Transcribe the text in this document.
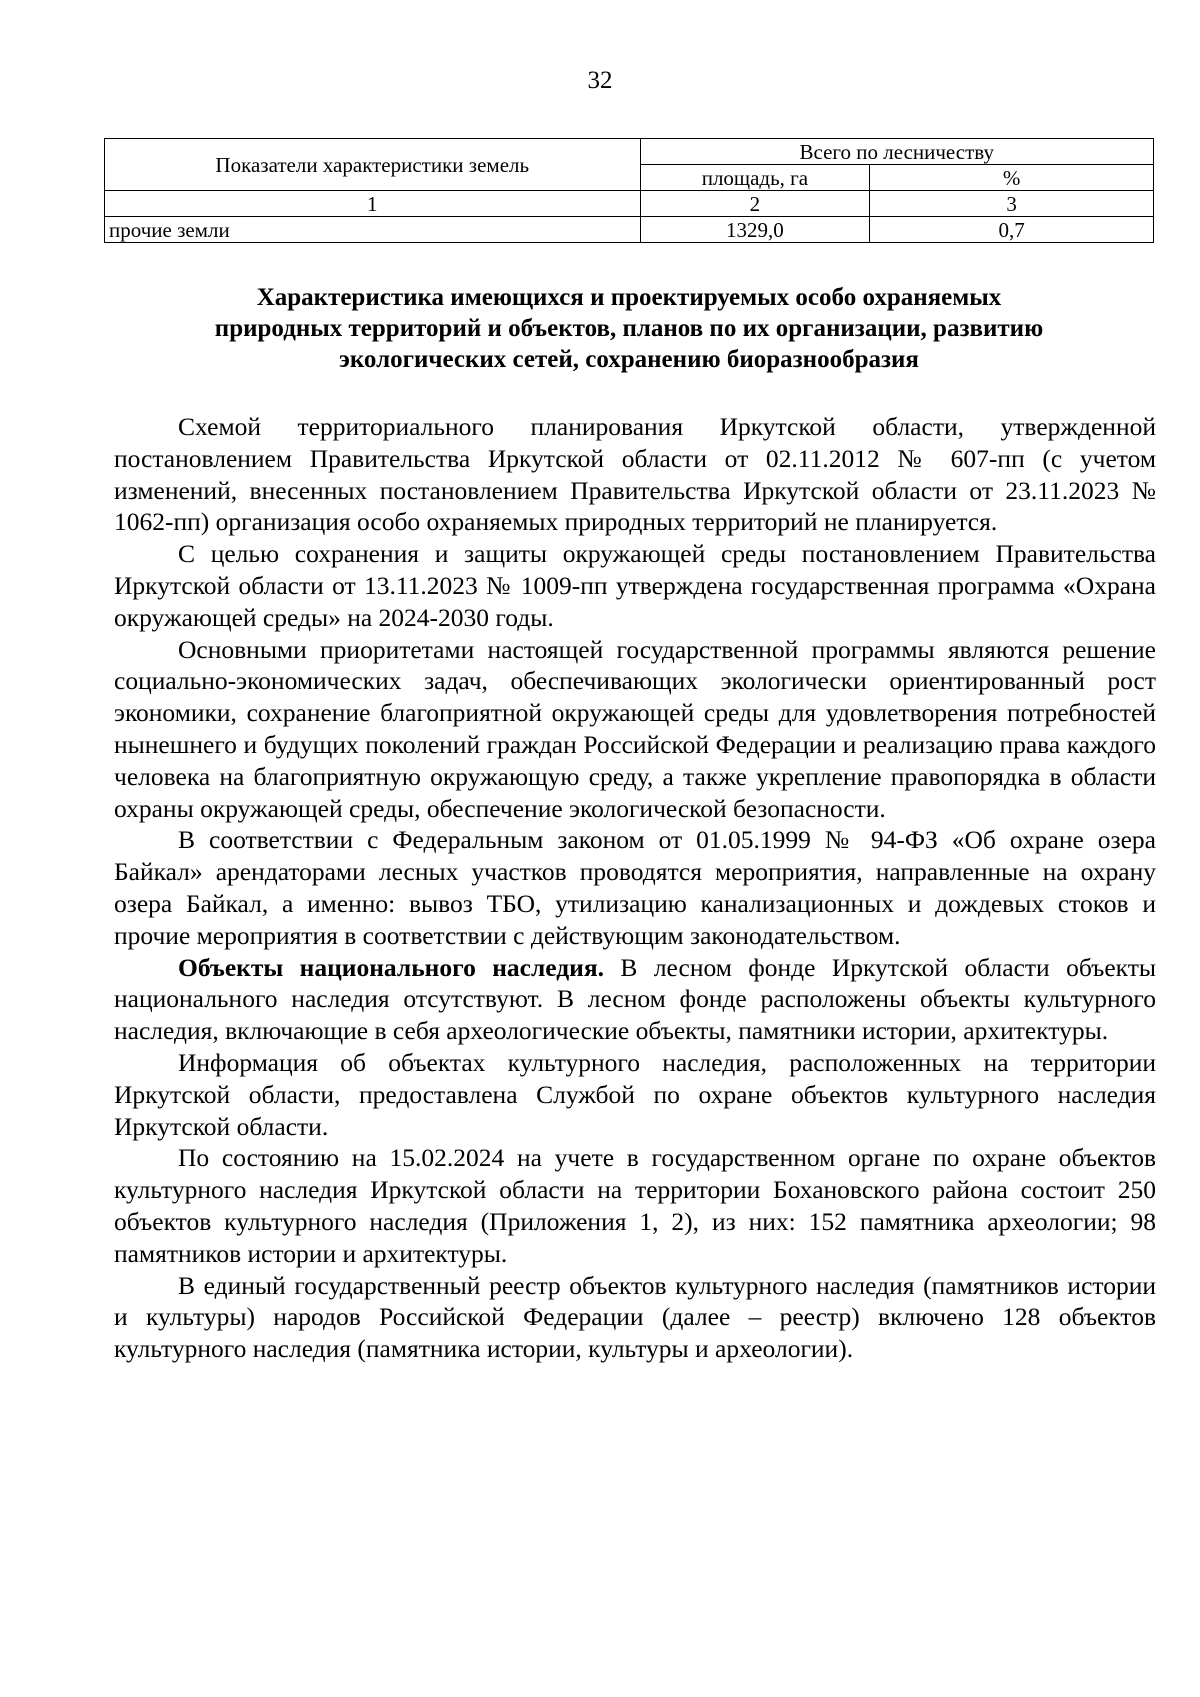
32
Показатели характеристики земель	Всего по лесничеству	
	площадь, га	%
1	2	3
прочие земли	1329,0	0,7
Характеристика имеющихся и проектируемых особо охраняемых
природных территорий и объектов, планов по их организации, развитию
экологических сетей, сохранению биоразнообразия

Схемой территориального планирования Иркутской области, утвержденной постановлением Правительства Иркутской области от 02.11.2012 № 607-пп (с учетом изменений, внесенных постановлением Правительства Иркутской области от 23.11.2023 № 1062-пп) организация особо охраняемых природных территорий не планируется.

С целью сохранения и защиты окружающей среды постановлением Правительства Иркутской области от 13.11.2023 № 1009-пп утверждена государственная программа «Охрана окружающей среды» на 2024-2030 годы.

Основными приоритетами настоящей государственной программы являются решение социально-экономических задач, обеспечивающих экологически ориентированный рост экономики, сохранение благоприятной окружающей среды для удовлетворения потребностей нынешнего и будущих поколений граждан Российской Федерации и реализацию права каждого человека на благоприятную окружающую среду, а также укрепление правопорядка в области охраны окружающей среды, обеспечение экологической безопасности.

В соответствии с Федеральным законом от 01.05.1999 № 94-ФЗ «Об охране озера Байкал» арендаторами лесных участков проводятся мероприятия, направленные на охрану озера Байкал, а именно: вывоз ТБО, утилизацию канализационных и дождевых стоков и прочие мероприятия в соответствии с действующим законодательством.

Объекты национального наследия. В лесном фонде Иркутской области объекты национального наследия отсутствуют. В лесном фонде расположены объекты культурного наследия, включающие в себя археологические объекты, памятники истории, архитектуры.

Информация об объектах культурного наследия, расположенных на территории Иркутской области, предоставлена Службой по охране объектов культурного наследия Иркутской области.

По состоянию на 15.02.2024 на учете в государственном органе по охране объектов культурного наследия Иркутской области на территории Бохановского района состоит 250 объектов культурного наследия (Приложения 1, 2), из них: 152 памятника археологии; 98 памятников истории и архитектуры.

В единый государственный реестр объектов культурного наследия (памятников истории и культуры) народов Российской Федерации (далее – реестр) включено 128 объектов культурного наследия (памятника истории, культуры и археологии).
